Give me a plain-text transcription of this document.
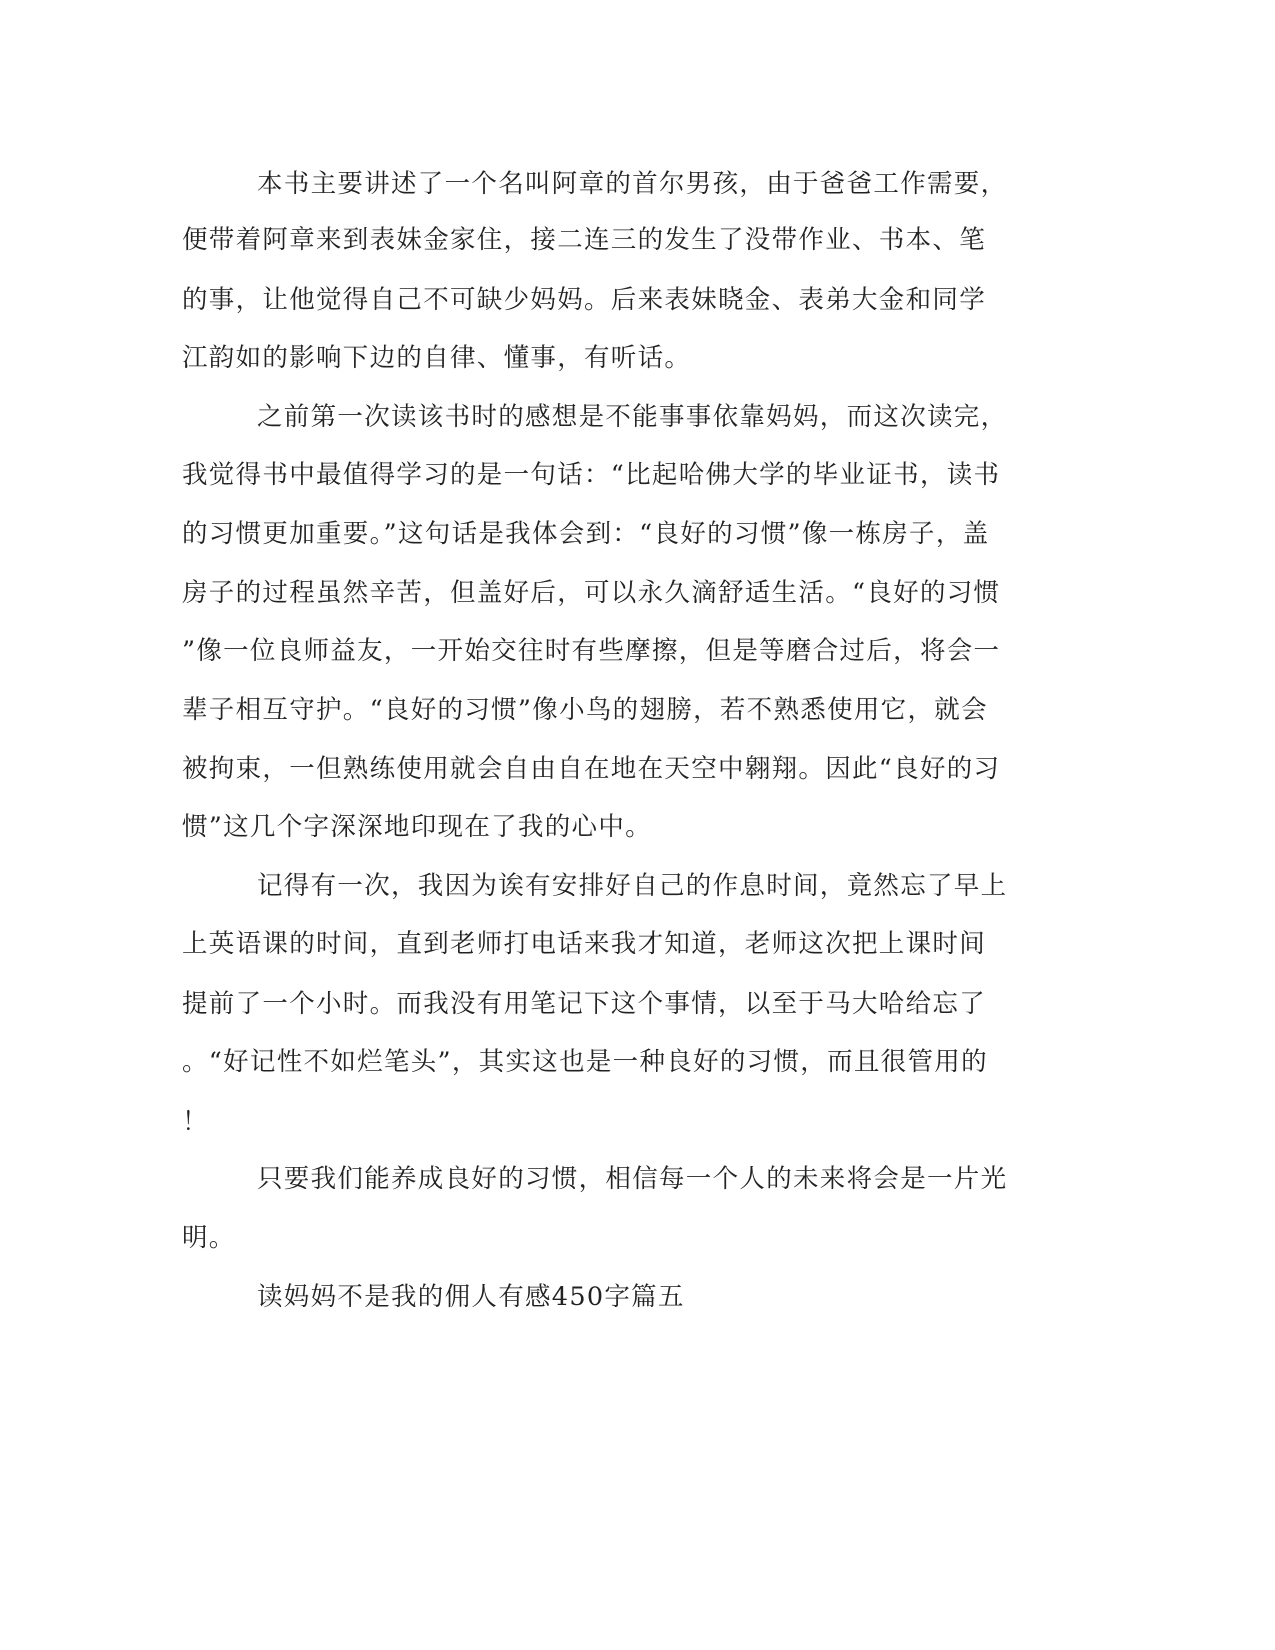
本书主要讲述了一个名叫阿章的首尔男孩，由于爸爸工作需要，
便带着阿章来到表妹金家住，接二连三的发生了没带作业、书本、笔
的事，让他觉得自己不可缺少妈妈。后来表妹晓金、表弟大金和同学
江韵如的影响下边的自律、懂事，有听话。
之前第一次读该书时的感想是不能事事依靠妈妈，而这次读完，
我觉得书中最值得学习的是一句话：“比起哈佛大学的毕业证书，读书
的习惯更加重要。”这句话是我体会到：“良好的习惯”像一栋房子，盖
房子的过程虽然辛苦，但盖好后，可以永久滴舒适生活。“良好的习惯
”像一位良师益友，一开始交往时有些摩擦，但是等磨合过后，将会一
辈子相互守护。“良好的习惯”像小鸟的翅膀，若不熟悉使用它，就会
被拘束，一但熟练使用就会自由自在地在天空中翱翔。因此“良好的习
惯”这几个字深深地印现在了我的心中。
记得有一次，我因为诶有安排好自己的作息时间，竟然忘了早上
上英语课的时间，直到老师打电话来我才知道，老师这次把上课时间
提前了一个小时。而我没有用笔记下这个事情，以至于马大哈给忘了
。“好记性不如烂笔头”，其实这也是一种良好的习惯，而且很管用的
！
只要我们能养成良好的习惯，相信每一个人的未来将会是一片光
明。
读妈妈不是我的佣人有感450字篇五
